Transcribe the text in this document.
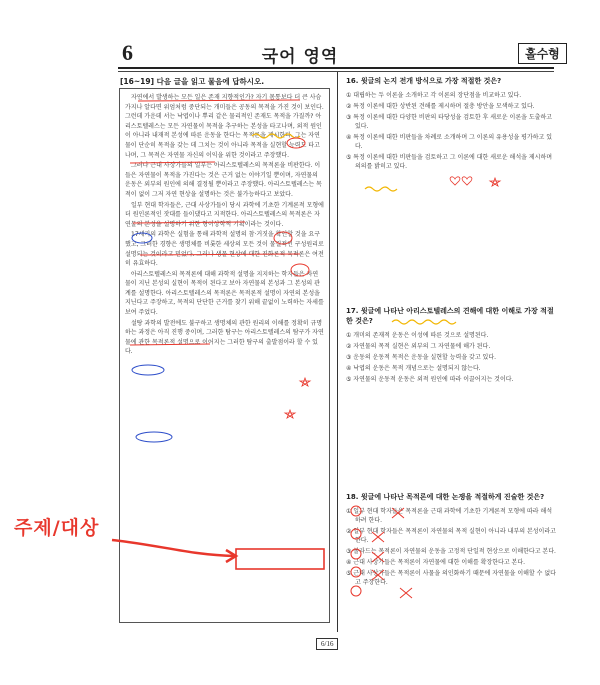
6	국어 영역	홀수형
[16~19] 다음 글을 읽고 물음에 답하시오.

자연에서 발생하는 모든 일은 존재 지향적인가? 자기 몸통보다 더 큰 사슴가지나 알다면 위엄처럼 중단되는 개미들은 공동의 목적을 가진 것이 보인다. 그런데 가운데 서는 낙엽이나 뿌리 같은 물리적인 존재도 목적을 가질까? 아리스토텔레스는 모든 자연물이 목적을 추구하는 본성을 타고나며, 외적 원인이 아니라 내재적 본성에 따른 운동을 한다는 목적론을 제시한다. 그는 자연물이 단순히 목적을 갖는 데 그치는 것이 아니라 목적을 실현할 능력도 타고나며, 그 목적은 자연물 자신의 이익을 위한 것이라고 주장했다.

그러나 근대 사상가들의 일부는 아리스토텔레스의 목적론을 비판한다. 이들은 자연물이 목적을 가진다는 것은 근거 없는 이야기일 뿐이며, 자연물의 운동은 외부의 원인에 의해 결정될 뿐이라고 주장했다. 아리스토텔레스는 목적이 없이 그저 자연 현상을 설명하는 것은 불가능하다고 보았다.

일부 현대 학자들은, 근대 사상가들이 당시 과학에 기초한 기계론적 모형에 더 원인론적인 잣대를 들이댔다고 지적한다. 아리스토텔레스의 목적론은 자연물의 본성을 설명하기 위한 형이상학적 기획이라는 것이다.

17세기의 과학은 실험을 통해 과학적 설명의 참·거짓을 확인할 것을 요구했고, 그러한 경향은 생명체를 비롯한 세상의 모든 것이 물질적인 구성원리로 설명되는 것이라고 믿었다. 그러나 생물 현상에 대한 진화론적 목적론은 여전히 유효하다.

아리스토텔레스의 목적론에 대해 과학적 설명을 지지하는 학자들은 자연물이 지닌 본성의 실현이 목적이 된다고 보아 자연물의 본성과 그 본성의 관계를 설명한다. 아리스토텔레스의 목적론은 목적론적 설명이 자연의 본성을 지닌다고 주장하고, 목적의 단단한 근거를 찾기 위해 끝없이 노력하는 자세를 보여 주었다.

설탕 과학의 발전에도 불구하고 생명체의 관한 원리의 이해를 정확히 규명하는 과정은 아직 진행 중이며, 그러한 탐구는 아리스토텔레스의 탐구가 자연물에 관한 목적론적 설명으로 이어지는 그러한 탐구의 출발점이라 할 수 있다.

16. 윗글의 논지 전개 방식으로 가장 적절한 것은?
① 대립하는 두 이론을 소개하고 각 이론의 장단점을 비교하고 있다.
② 특정 이론에 대한 상반된 견해를 제시하며 절충 방안을 모색하고 있다.
③ 특정 이론에 대한 다양한 비판의 타당성을 검토한 후 새로운 이론을 도출하고 있다.
④ 특정 이론에 대한 비판들을 차례로 소개하며 그 이론의 유용성을 평가하고 있다.
⑤ 특정 이론에 대한 비판들을 검토하고 그 이론에 대한 새로운 해석을 제시하며 의의를 밝히고 있다.
17. 윗글에 나타난 아리스토텔레스의 견해에 대한 이해로 가장 적절한 것은?
① 개미의 존재적 운동은 이성에 따른 것으로 설명된다.
② 자연물의 목적 실현은 외부의 그 자연물에 해가 된다.
③ 운동의 운동적 목적은 운동을 실현할 능력을 갖고 있다.
④ 낙엽의 운동은 목적 개념으로는 설명되지 않는다.
⑤ 자연물의 운동적 운동은 외적 원인에 따라 이끌어지는 것이다.
18. 윗글에 나타난 목적론에 대한 논쟁을 적절하게 진술한 것은?
① 일부 현대 학자들은 목적론을 근대 과학에 기초한 기계론적 모형에 따라 해석하려 한다.
② 일부 현대 학자들은 목적론이 자연물의 목적 실현이 아니라 내부의 본성이라고 한다.
③ 볼라드는 목적론이 자연물의 운동을 고정적 단일적 현상으로 이해한다고 본다.
④ 근대 사상가들은 목적론이 자연물에 대한 이해를 확장한다고 본다.
⑤ 근대 사상가들은 목적론이 사물을 의인화하기 때문에 자연물을 이해할 수 없다고 주장한다.
주제/대상
6/16
